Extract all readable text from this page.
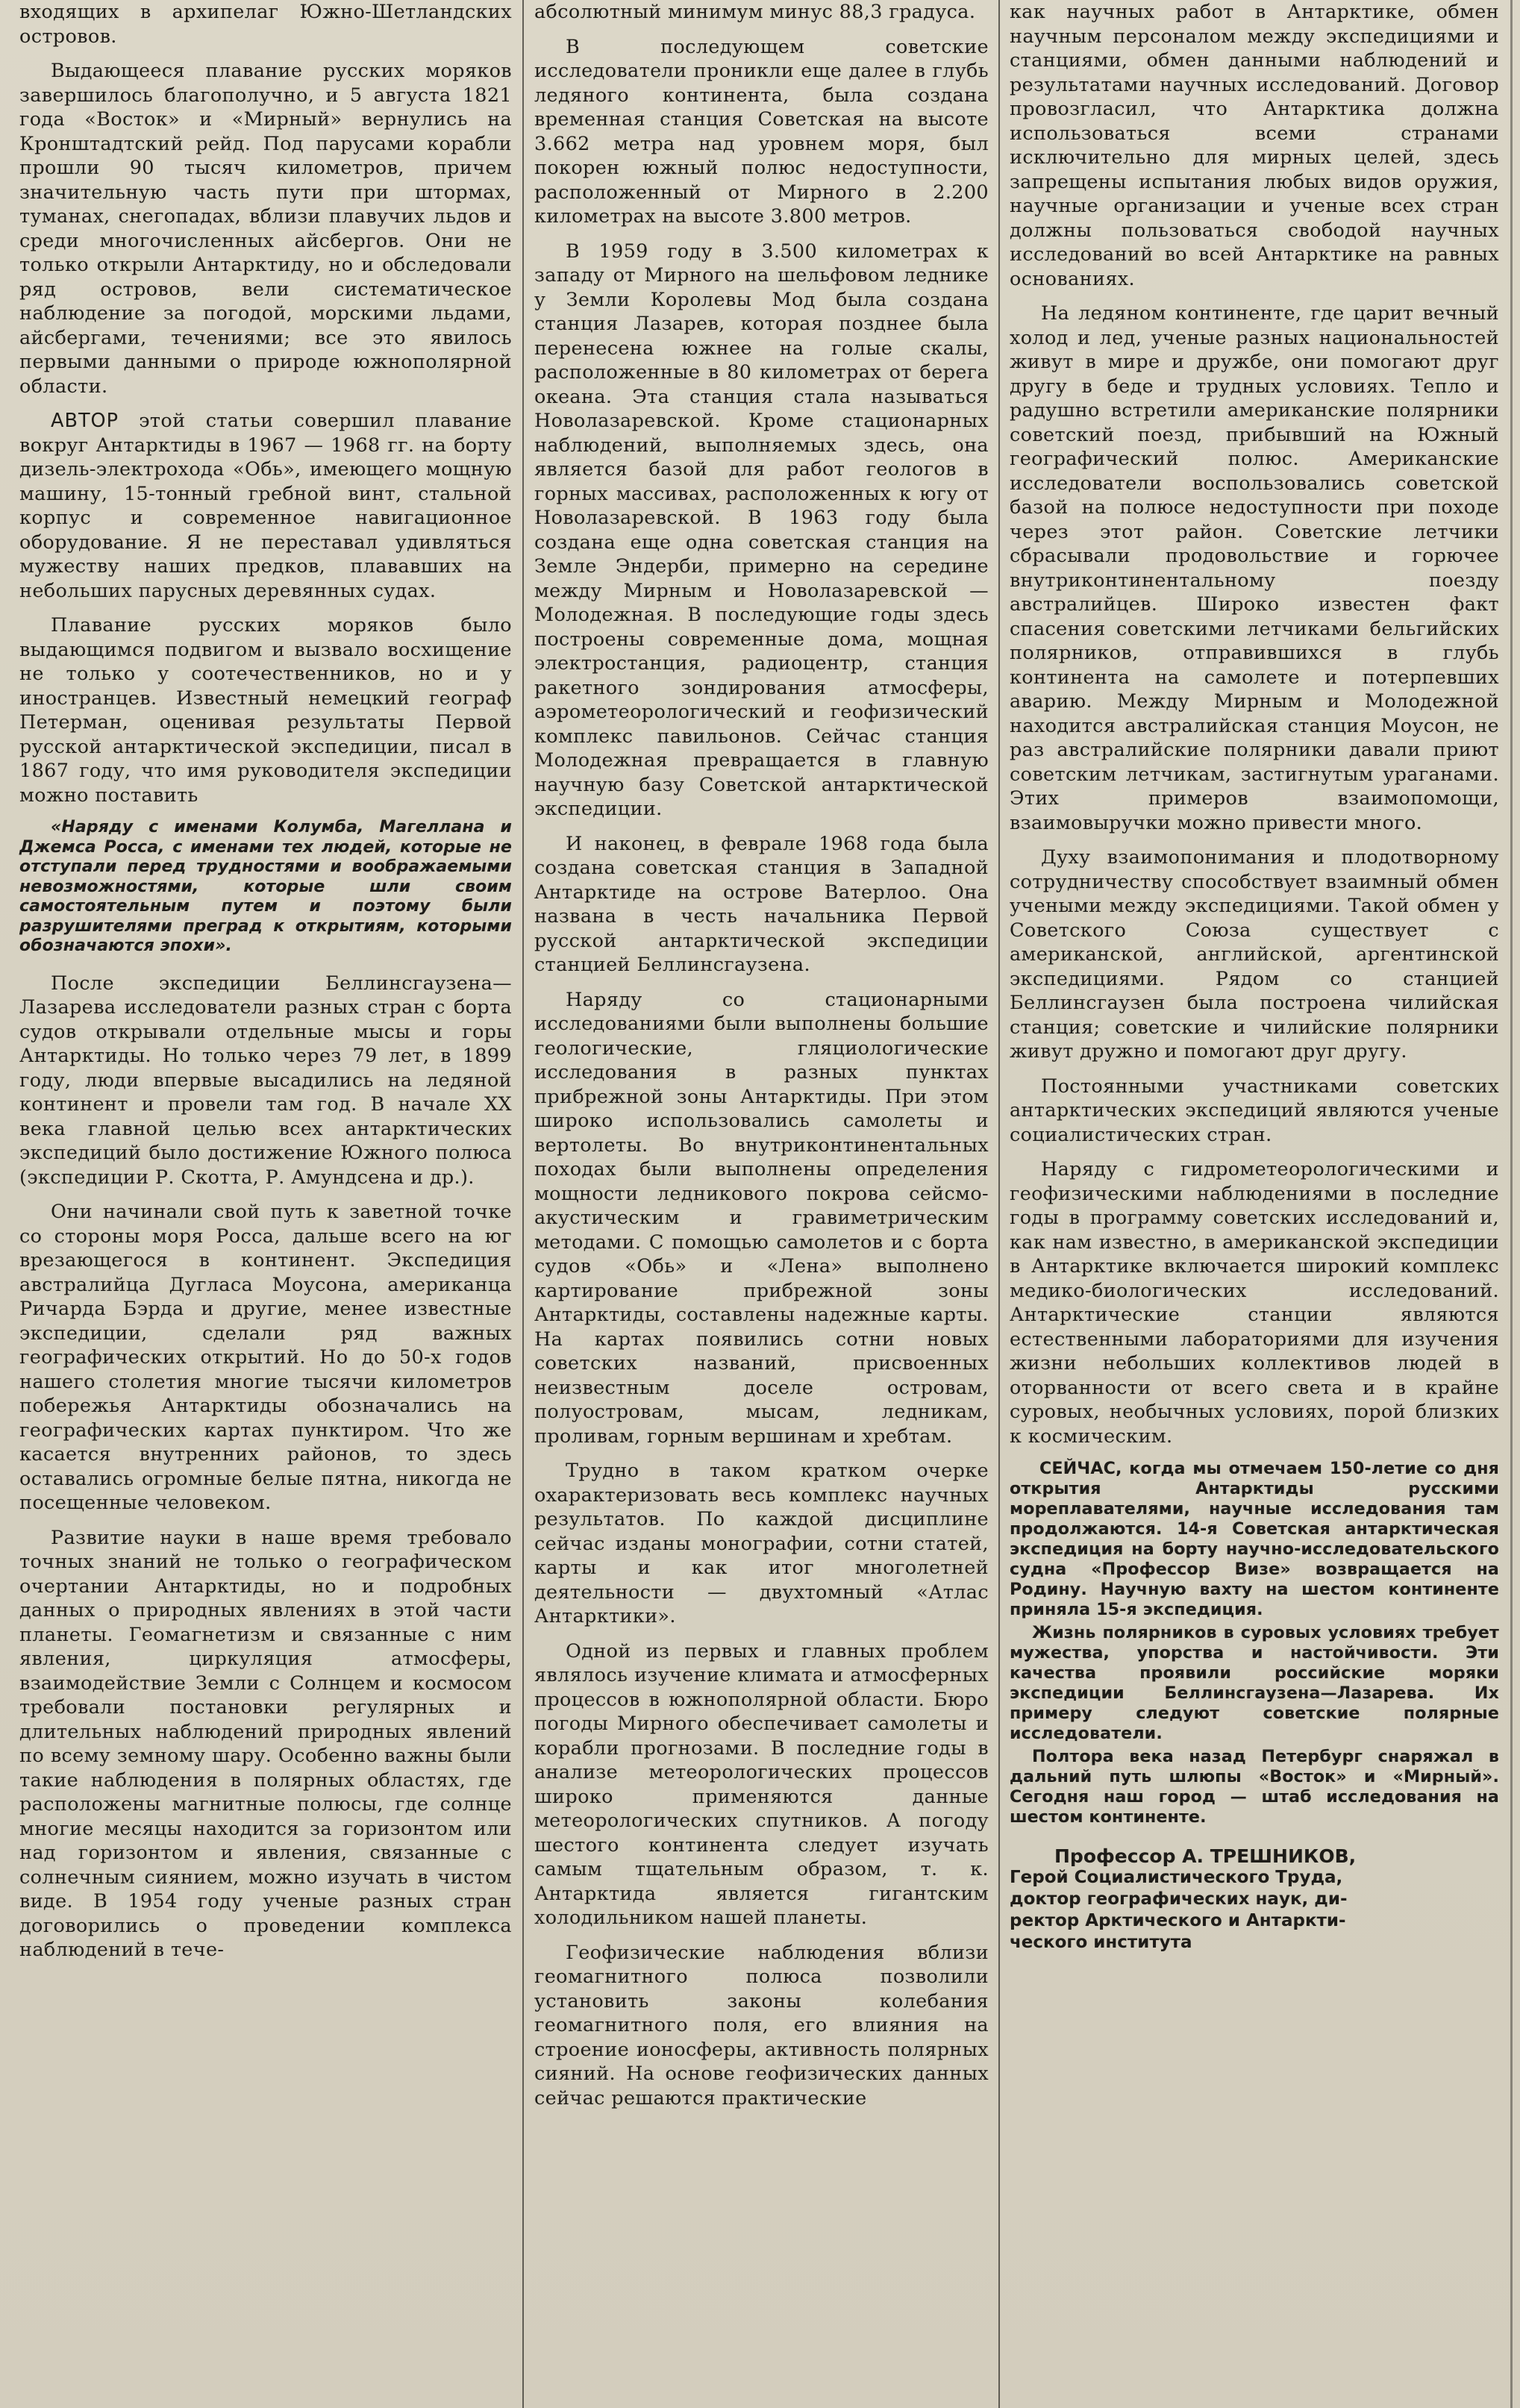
входящих в архипелаг Южно-Шетландских островов.

Выдающееся плавание русских моряков завершилось благополучно, и 5 августа 1821 года «Восток» и «Мирный» вернулись на Кронштадтский рейд. Под парусами корабли прошли 90 тысяч километров, причем значительную часть пути при штормах, туманах, снегопадах, вблизи плавучих льдов и среди многочисленных айсбергов. Они не только открыли Антарктиду, но и обследовали ряд островов, вели систематическое наблюдение за погодой, морскими льдами, айсбергами, течениями; все это явилось первыми данными о природе южнополярной области.

АВТОР этой статьи совершил плавание вокруг Антарктиды в 1967 — 1968 гг. на борту дизель-электрохода «Обь», имеющего мощную машину, 15-тонный гребной винт, стальной корпус и современное навигационное оборудование. Я не переставал удивляться мужеству наших предков, плававших на небольших парусных деревянных судах.

Плавание русских моряков было выдающимся подвигом и вызвало восхищение не только у соотечественников, но и у иностранцев. Известный немецкий географ Петерман, оценивая результаты Первой русской антарктической экспедиции, писал в 1867 году, что имя руководителя экспедиции можно поставить

«Наряду с именами Колумба, Магеллана и Джемса Росса, с именами тех людей, которые не отступали перед трудностями и воображаемыми невозможностями, которые шли своим самостоятельным путем и поэтому были разрушителями преград к открытиям, которыми обозначаются эпохи».

После экспедиции Беллинсгаузена—Лазарева исследователи разных стран с борта судов открывали отдельные мысы и горы Антарктиды. Но только через 79 лет, в 1899 году, люди впервые высадились на ледяной континент и провели там год. В начале XX века главной целью всех антарктических экспедиций было достижение Южного полюса (экспедиции Р. Скотта, Р. Амундсена и др.).

Они начинали свой путь к заветной точке со стороны моря Росса, дальше всего на юг врезающегося в континент. Экспедиция австралийца Дугласа Моусона, американца Ричарда Бэрда и другие, менее известные экспедиции, сделали ряд важных географических открытий. Но до 50-х годов нашего столетия многие тысячи километров побережья Антарктиды обозначались на географических картах пунктиром. Что же касается внутренних районов, то здесь оставались огромные белые пятна, никогда не посещенные человеком.

Развитие науки в наше время требовало точных знаний не только о географическом очертании Антарктиды, но и подробных данных о природных явлениях в этой части планеты. Геомагнетизм и связанные с ним явления, циркуляция атмосферы, взаимодействие Земли с Солнцем и космосом требовали постановки регулярных и длительных наблюдений природных явлений по всему земному шару. Особенно важны были такие наблюдения в полярных областях, где расположены магнитные полюсы, где солнце многие месяцы находится за горизонтом или над горизонтом и явления, связанные с солнечным сиянием, можно изучать в чистом виде. В 1954 году ученые разных стран договорились о проведении комплекса наблюдений в тече-

абсолютный минимум минус 88,3 градуса.

В последующем советские исследователи проникли еще далее в глубь ледяного континента, была создана временная станция Советская на высоте 3.662 метра над уровнем моря, был покорен южный полюс недоступности, расположенный от Мирного в 2.200 километрах на высоте 3.800 метров.

В 1959 году в 3.500 километрах к западу от Мирного на шельфовом леднике у Земли Королевы Мод была создана станция Лазарев, которая позднее была перенесена южнее на голые скалы, расположенные в 80 километрах от берега океана. Эта станция стала называться Новолазаревской. Кроме стационарных наблюдений, выполняемых здесь, она является базой для работ геологов в горных массивах, расположенных к югу от Новолазаревской. В 1963 году была создана еще одна советская станция на Земле Эндерби, примерно на середине между Мирным и Новолазаревской — Молодежная. В последующие годы здесь построены современные дома, мощная электростанция, радиоцентр, станция ракетного зондирования атмосферы, аэрометеорологический и геофизический комплекс павильонов. Сейчас станция Молодежная превращается в главную научную базу Советской антарктической экспедиции.

И наконец, в феврале 1968 года была создана советская станция в Западной Антарктиде на острове Ватерлоо. Она названа в честь начальника Первой русской антарктической экспедиции станцией Беллинсгаузена.

Наряду со стационарными исследованиями были выполнены большие геологические, гляциологические исследования в разных пунктах прибрежной зоны Антарктиды. При этом широко использовались самолеты и вертолеты. Во внутриконтинентальных походах были выполнены определения мощности ледникового покрова сейсмо-акустическим и гравиметрическим методами. С помощью самолетов и с борта судов «Обь» и «Лена» выполнено картирование прибрежной зоны Антарктиды, составлены надежные карты. На картах появились сотни новых советских названий, присвоенных неизвестным доселе островам, полуостровам, мысам, ледникам, проливам, горным вершинам и хребтам.

Трудно в таком кратком очерке охарактеризовать весь комплекс научных результатов. По каждой дисциплине сейчас изданы монографии, сотни статей, карты и как итог многолетней деятельности — двухтомный «Атлас Антарктики».

Одной из первых и главных проблем являлось изучение климата и атмосферных процессов в южнополярной области. Бюро погоды Мирного обеспечивает самолеты и корабли прогнозами. В последние годы в анализе метеорологических процессов широко применяются данные метеорологических спутников. А погоду шестого континента следует изучать самым тщательным образом, т. к. Антарктида является гигантским холодильником нашей планеты.

Геофизические наблюдения вблизи геомагнитного полюса позволили установить законы колебания геомагнитного поля, его влияния на строение ионосферы, активность полярных сияний. На основе геофизических данных сейчас решаются практические

как научных работ в Антарктике, обмен научным персоналом между экспедициями и станциями, обмен данными наблюдений и результатами научных исследований. Договор провозгласил, что Антарктика должна использоваться всеми странами исключительно для мирных целей, здесь запрещены испытания любых видов оружия, научные организации и ученые всех стран должны пользоваться свободой научных исследований во всей Антарктике на равных основаниях.

На ледяном континенте, где царит вечный холод и лед, ученые разных национальностей живут в мире и дружбе, они помогают друг другу в беде и трудных условиях. Тепло и радушно встретили американские полярники советский поезд, прибывший на Южный географический полюс. Американские исследователи воспользовались советской базой на полюсе недоступности при походе через этот район. Советские летчики сбрасывали продовольствие и горючее внутриконтинентальному поезду австралийцев. Широко известен факт спасения советскими летчиками бельгийских полярников, отправившихся в глубь континента на самолете и потерпевших аварию. Между Мирным и Молодежной находится австралийская станция Моусон, не раз австралийские полярники давали приют советским летчикам, застигнутым ураганами. Этих примеров взаимопомощи, взаимовыручки можно привести много.

Духу взаимопонимания и плодотворному сотрудничеству способствует взаимный обмен учеными между экспедициями. Такой обмен у Советского Союза существует с американской, английской, аргентинской экспедициями. Рядом со станцией Беллинсгаузен была построена чилийская станция; советские и чилийские полярники живут дружно и помогают друг другу.

Постоянными участниками советских антарктических экспедиций являются ученые социалистических стран.

Наряду с гидрометеорологическими и геофизическими наблюдениями в последние годы в программу советских исследований и, как нам известно, в американской экспедиции в Антарктике включается широкий комплекс медико-биологических исследований. Антарктические станции являются естественными лабораториями для изучения жизни небольших коллективов людей в оторванности от всего света и в крайне суровых, необычных условиях, порой близких к космическим.

СЕЙЧАС, когда мы отмечаем 150-летие со дня открытия Антарктиды русскими мореплавателями, научные исследования там продолжаются. 14-я Советская антарктическая экспедиция на борту научно-исследовательского судна «Профессор Визе» возвращается на Родину. Научную вахту на шестом континенте приняла 15-я экспедиция.

Жизнь полярников в суровых условиях требует мужества, упорства и настойчивости. Эти качества проявили российские моряки экспедиции Беллинсгаузена—Лазарева. Их примеру следуют советские полярные исследователи.

Полтора века назад Петербург снаряжал в дальний путь шлюпы «Восток» и «Мирный». Сегодня наш город — штаб исследования на шестом континенте.

Профессор А. ТРЕШНИКОВ,
Герой Социалистического Труда,
доктор географических наук, ди-
ректор Арктического и Антаркти-
ческого института
